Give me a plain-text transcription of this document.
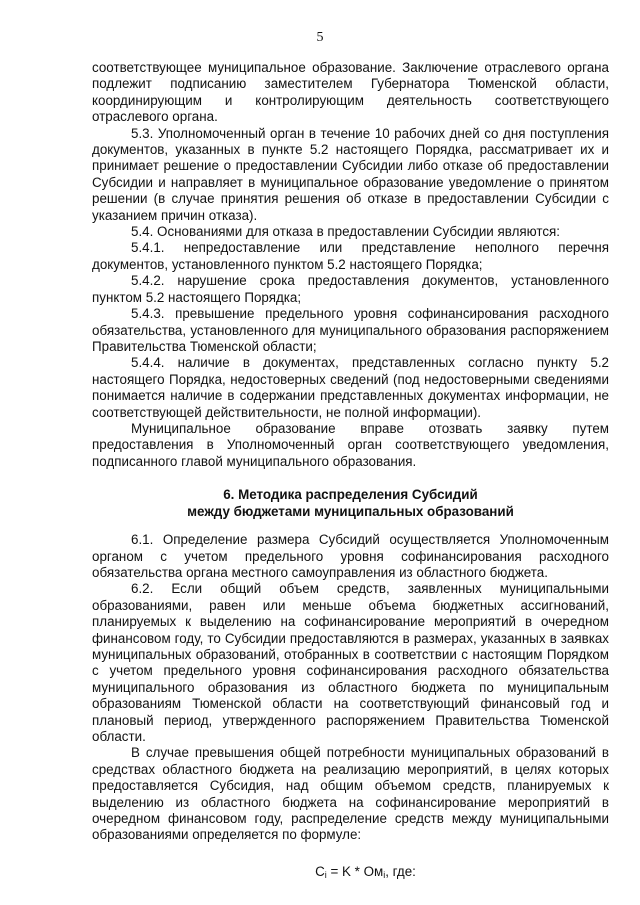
5

соответствующее муниципальное образование. Заключение отраслевого органа подлежит подписанию заместителем Губернатора Тюменской области, координирующим и контролирующим деятельность соответствующего отраслевого органа.

5.3. Уполномоченный орган в течение 10 рабочих дней со дня поступления документов, указанных в пункте 5.2 настоящего Порядка, рассматривает их и принимает решение о предоставлении Субсидии либо отказе об предоставлении Субсидии и направляет в муниципальное образование уведомление о принятом решении (в случае принятия решения об отказе в предоставлении Субсидии с указанием причин отказа).

5.4. Основаниями для отказа в предоставлении Субсидии являются:

5.4.1. непредоставление или представление неполного перечня документов, установленного пунктом 5.2 настоящего Порядка;

5.4.2. нарушение срока предоставления документов, установленного пунктом 5.2 настоящего Порядка;

5.4.3. превышение предельного уровня софинансирования расходного обязательства, установленного для муниципального образования распоряжением Правительства Тюменской области;

5.4.4. наличие в документах, представленных согласно пункту 5.2 настоящего Порядка, недостоверных сведений (под недостоверными сведениями понимается наличие в содержании представленных документах информации, не соответствующей действительности, не полной информации).

Муниципальное образование вправе отозвать заявку путем предоставления в Уполномоченный орган соответствующего уведомления, подписанного главой муниципального образования.

6. Методика распределения Субсидий
между бюджетами муниципальных образований

6.1. Определение размера Субсидий осуществляется Уполномоченным органом с учетом предельного уровня софинансирования расходного обязательства органа местного самоуправления из областного бюджета.

6.2. Если общий объем средств, заявленных муниципальными образованиями, равен или меньше объема бюджетных ассигнований, планируемых к выделению на софинансирование мероприятий в очередном финансовом году, то Субсидии предоставляются в размерах, указанных в заявках муниципальных образований, отобранных в соответствии с настоящим Порядком с учетом предельного уровня софинансирования расходного обязательства муниципального образования из областного бюджета по муниципальным образованиям Тюменской области на соответствующий финансовый год и плановый период, утвержденного распоряжением Правительства Тюменской области.

В случае превышения общей потребности муниципальных образований в средствах областного бюджета на реализацию мероприятий, в целях которых предоставляется Субсидия, над общим объемом средств, планируемых к выделению из областного бюджета на софинансирование мероприятий в очередном финансовом году, распределение средств между муниципальными образованиями определяется по формуле:

$C_i = K * Ом_i$, где:
